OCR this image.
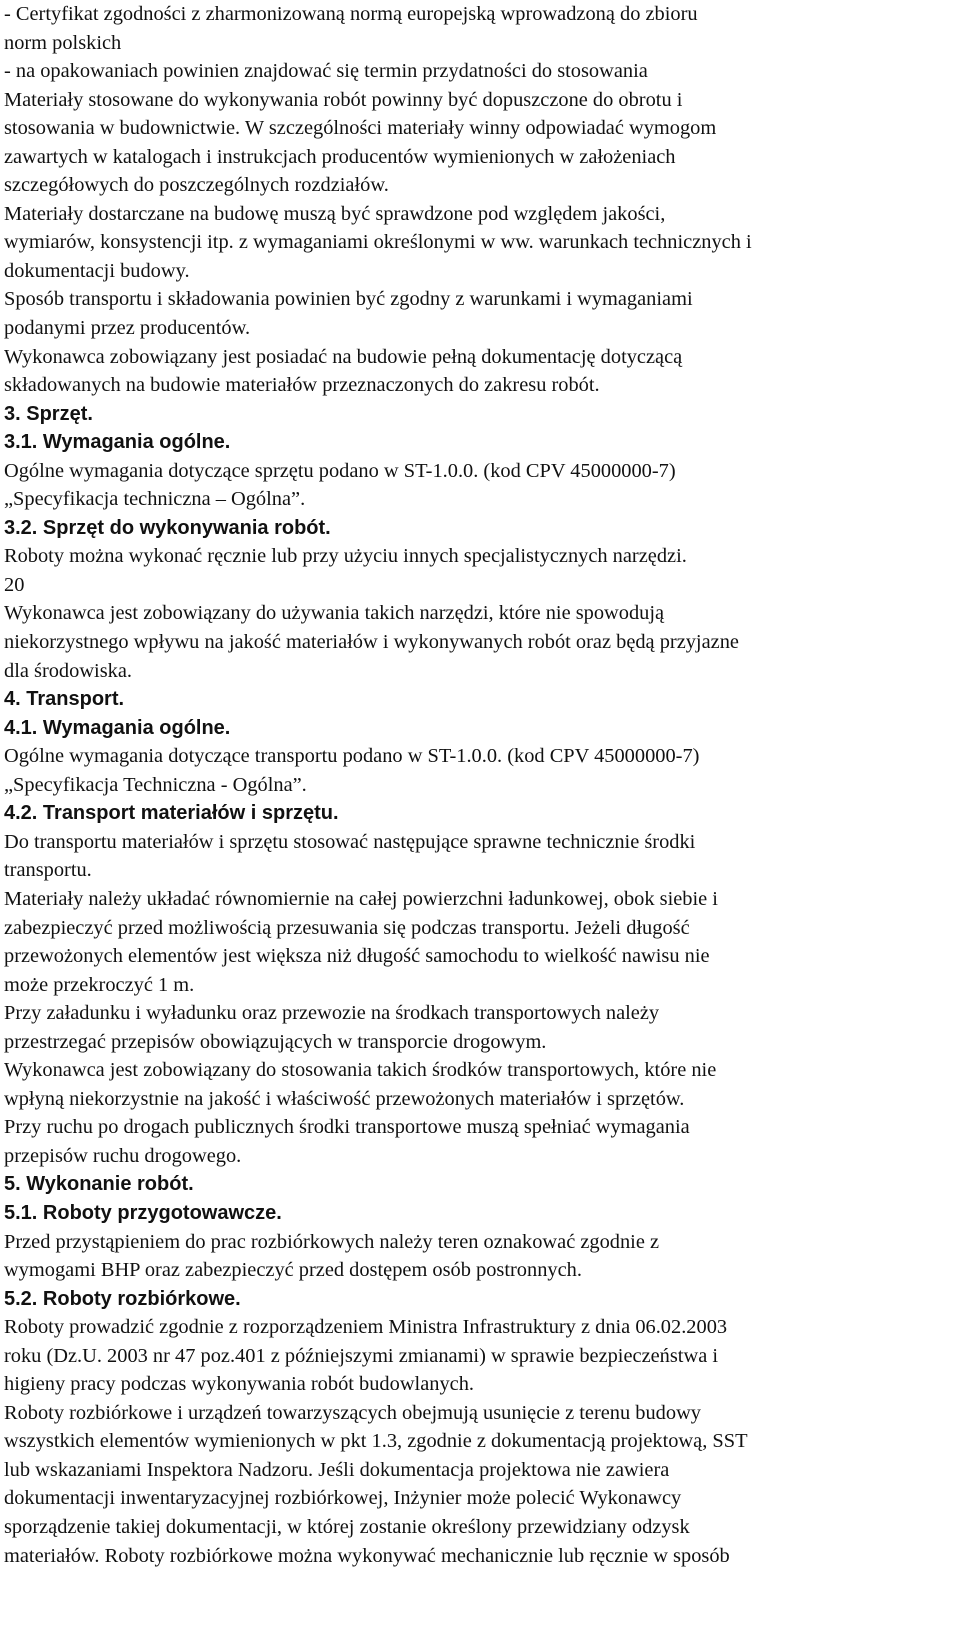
- Certyfikat zgodności z zharmonizowaną normą europejską wprowadzoną do zbioru
norm polskich
- na opakowaniach powinien znajdować się termin przydatności do stosowania
Materiały stosowane do wykonywania robót powinny być dopuszczone do obrotu i
stosowania w budownictwie. W szczególności materiały winny odpowiadać wymogom
zawartych w katalogach i instrukcjach producentów wymienionych w założeniach
szczegółowych do poszczególnych rozdziałów.
Materiały dostarczane na budowę muszą być sprawdzone pod względem jakości,
wymiarów, konsystencji itp. z wymaganiami określonymi w ww. warunkach technicznych i
dokumentacji budowy.
Sposób transportu i składowania powinien być zgodny z warunkami i wymaganiami
podanymi przez producentów.
Wykonawca zobowiązany jest posiadać na budowie pełną dokumentację dotyczącą
składowanych na budowie materiałów przeznaczonych do zakresu robót.
3. Sprzęt.
3.1. Wymagania ogólne.
Ogólne wymagania dotyczące sprzętu podano w ST-1.0.0. (kod CPV 45000000-7)
„Specyfikacja techniczna – Ogólna”.
3.2. Sprzęt do wykonywania robót.
Roboty można wykonać ręcznie lub przy użyciu innych specjalistycznych narzędzi.
20
Wykonawca jest zobowiązany do używania takich narzędzi, które nie spowodują
niekorzystnego wpływu na jakość materiałów i wykonywanych robót oraz będą przyjazne
dla środowiska.
4. Transport.
4.1. Wymagania ogólne.
Ogólne wymagania dotyczące transportu podano w ST-1.0.0. (kod CPV 45000000-7)
„Specyfikacja Techniczna - Ogólna”.
4.2. Transport materiałów i sprzętu.
Do transportu materiałów i sprzętu stosować następujące sprawne technicznie środki
transportu.
Materiały należy układać równomiernie na całej powierzchni ładunkowej, obok siebie i
zabezpieczyć przed możliwością przesuwania się podczas transportu. Jeżeli długość
przewożonych elementów jest większa niż długość samochodu to wielkość nawisu nie
może przekroczyć 1 m.
Przy załadunku i wyładunku oraz przewozie na środkach transportowych należy
przestrzegać przepisów obowiązujących w transporcie drogowym.
Wykonawca jest zobowiązany do stosowania takich środków transportowych, które nie
wpłyną niekorzystnie na jakość i właściwość przewożonych materiałów i sprzętów.
Przy ruchu po drogach publicznych środki transportowe muszą spełniać wymagania
przepisów ruchu drogowego.
5. Wykonanie robót.
5.1. Roboty przygotowawcze.
Przed przystąpieniem do prac rozbiórkowych należy teren oznakować zgodnie z
wymogami BHP oraz zabezpieczyć przed dostępem osób postronnych.
5.2. Roboty rozbiórkowe.
Roboty prowadzić zgodnie z rozporządzeniem Ministra Infrastruktury z dnia 06.02.2003
roku (Dz.U. 2003 nr 47 poz.401 z późniejszymi zmianami) w sprawie bezpieczeństwa i
higieny pracy podczas wykonywania robót budowlanych.
Roboty rozbiórkowe i urządzeń towarzyszących obejmują usunięcie z terenu budowy
wszystkich elementów wymienionych w pkt 1.3, zgodnie z dokumentacją projektową, SST
lub wskazaniami Inspektora Nadzoru. Jeśli dokumentacja projektowa nie zawiera
dokumentacji inwentaryzacyjnej rozbiórkowej, Inżynier może polecić Wykonawcy
sporządzenie takiej dokumentacji, w której zostanie określony przewidziany odzysk
materiałów. Roboty rozbiórkowe można wykonywać mechanicznie lub ręcznie w sposób
